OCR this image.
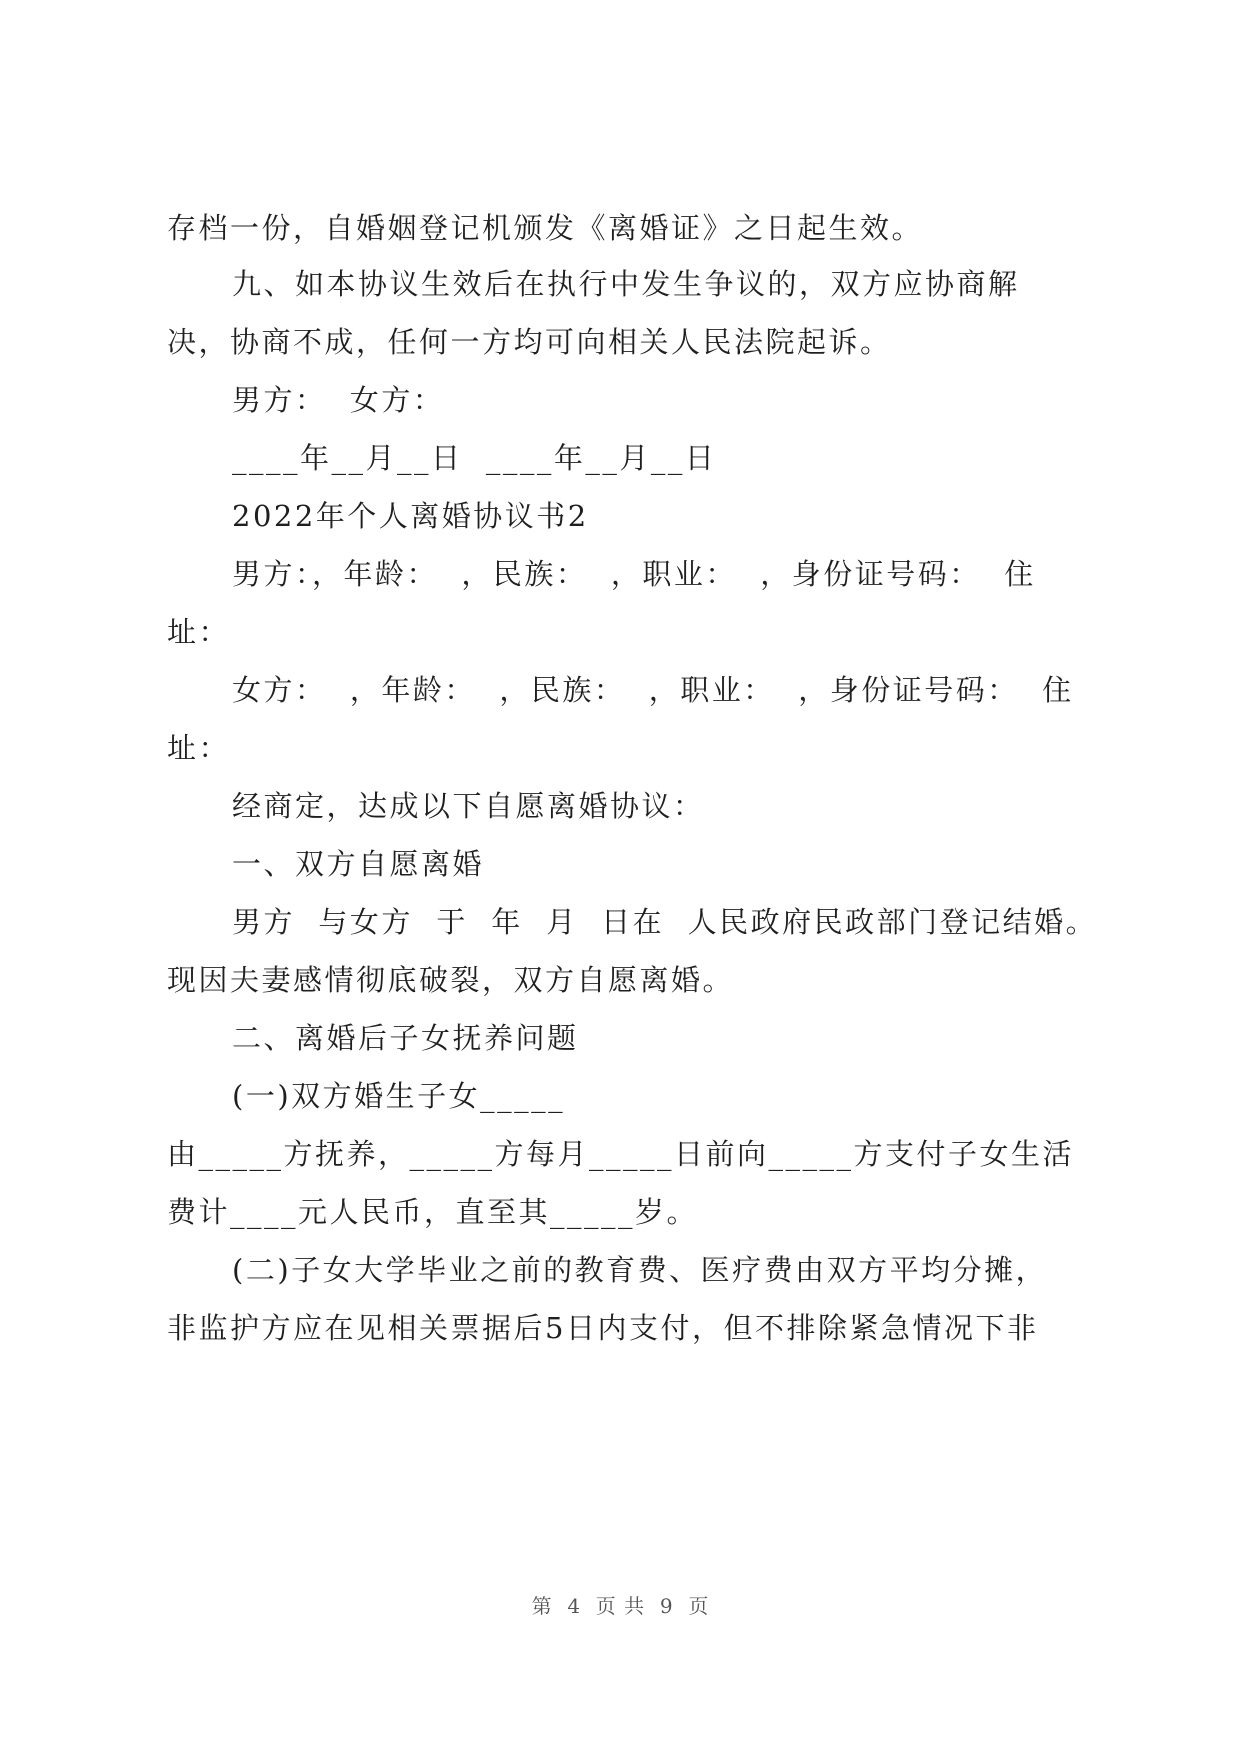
存档一份，自婚姻登记机颁发《离婚证》之日起生效。
九、如本协议生效后在执行中发生争议的，双方应协商解
决，协商不成，任何一方均可向相关人民法院起诉。
男方：  女方：
____年__月__日  ____年__月__日
2022年个人离婚协议书2
男方：，年龄：  ，民族：  ，职业：  ，身份证号码：  住
址：
女方：  ，年龄：  ，民族：  ，职业：  ，身份证号码：  住
址：
经商定，达成以下自愿离婚协议：
一、双方自愿离婚
男方  与女方  于  年  月  日在  人民政府民政部门登记结婚。
现因夫妻感情彻底破裂，双方自愿离婚。
二、离婚后子女抚养问题
(一)双方婚生子女_____
由_____方抚养，_____方每月_____日前向_____方支付子女生活
费计____元人民币，直至其_____岁。
(二)子女大学毕业之前的教育费、医疗费由双方平均分摊，
非监护方应在见相关票据后5日内支付，但不排除紧急情况下非
第  4  页 共  9  页
